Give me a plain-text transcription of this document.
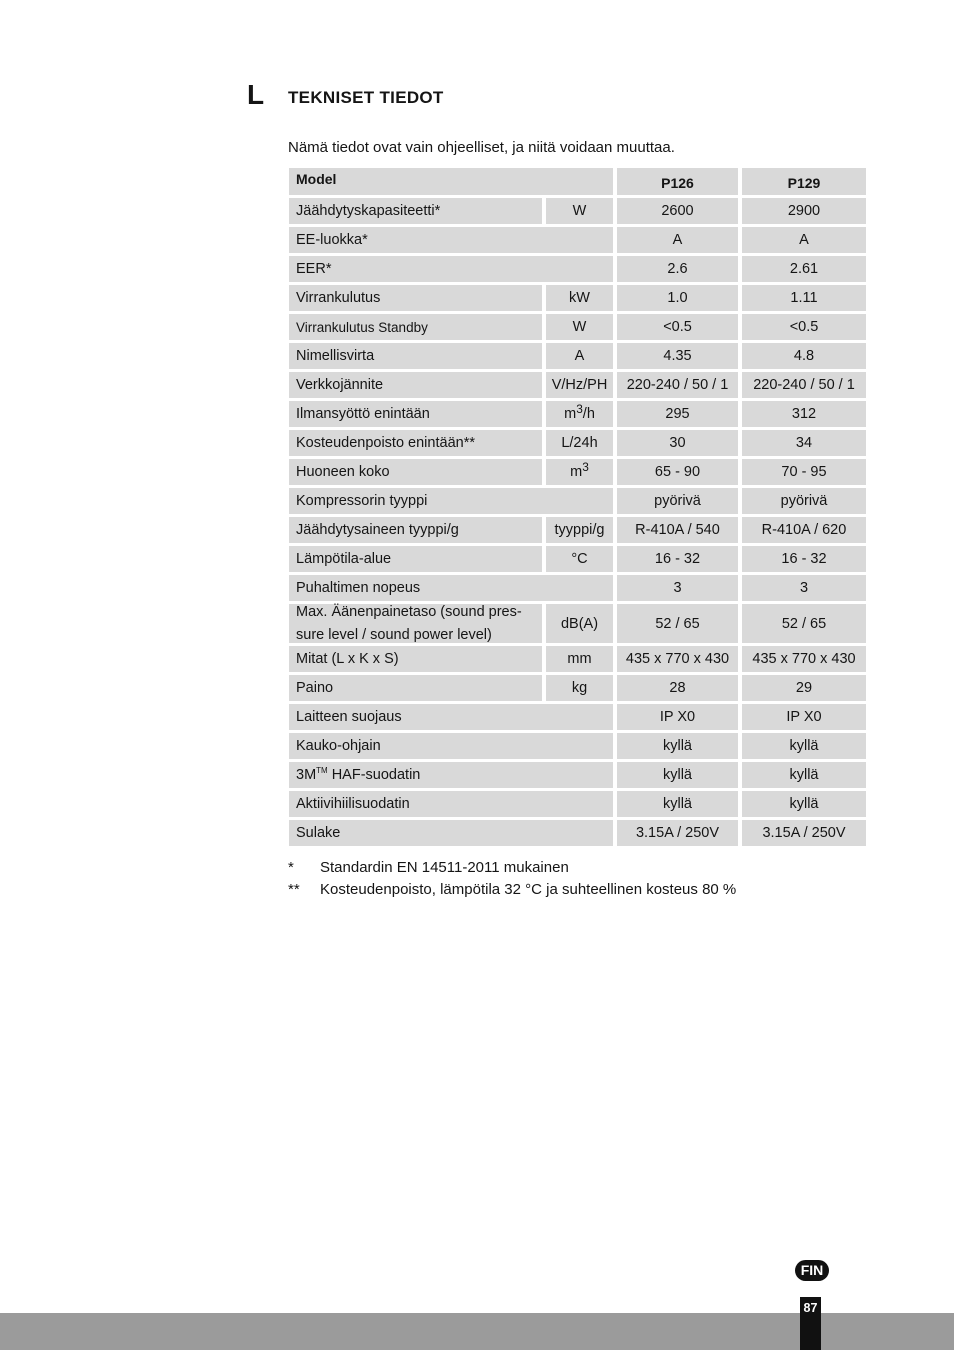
L TEKNISET TIEDOT
Nämä tiedot ovat vain ohjeelliset, ja niitä voidaan muuttaa.
Model	P126	P129
Jäähdytyskapasiteetti*	W	2600	2900
EE-luokka*	A	A
EER*	2.6	2.61
Virrankulutus	kW	1.0	1.11
Virrankulutus Standby	W	<0.5	<0.5
Nimellisvirta	A	4.35	4.8
Verkkojännite	V/Hz/PH	220-240 / 50 / 1	220-240 / 50 / 1
Ilmansyöttö enintään	$m^3/h$	295	312
Kosteudenpoisto enintään**	L/24h	30	34
Huoneen koko	$m^3$	65 - 90	70 - 95
Kompressorin tyyppi	pyörivä	pyörivä
Jäähdytysaineen tyyppi/g	tyyppi/g	R-410A / 540	R-410A / 620
Lämpötila-alue	°C	16 - 32	16 - 32
Puhaltimen nopeus	3	3
Max. Äänenpainetaso (sound pres-
sure level / sound power level)
dB(A)	52 / 65	52 / 65
Mitat (L x K x S)	mm	435 x 770 x 430	435 x 770 x 430
Paino	kg	28	29
Laitteen suojaus	IP X0	IP X0
Kauko-ohjain	kyllä	kyllä
3M™ HAF-suodatin	kyllä	kyllä
Aktiivihiilisuodatin	kyllä	kyllä
Sulake	3.15A / 250V	3.15A / 250V
*	Standardin EN 14511-2011 mukainen
**	Kosteudenpoisto, lämpötila 32 °C ja suhteellinen kosteus 80 %
FIN
87
